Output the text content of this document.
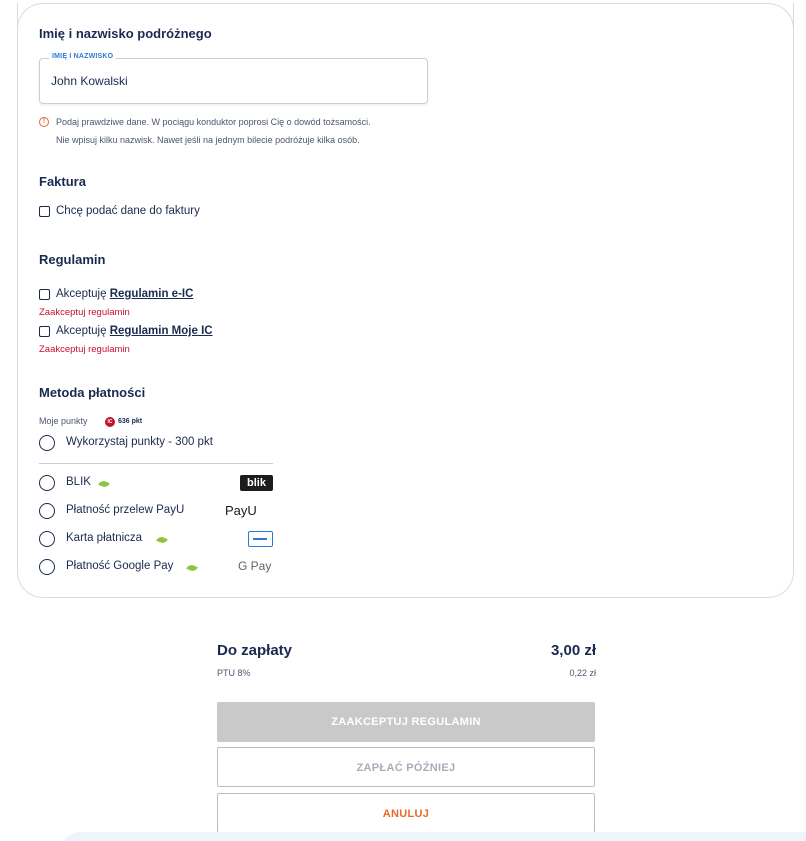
Imię i nazwisko podróżnego
IMIĘ I NAZWISKO
John Kowalski
!	Podaj prawdziwe dane. W pociągu konduktor poprosi Cię o dowód tożsamości.
Nie wpisuj kilku nazwisk. Nawet jeśli na jednym bilecie podróżuje kilka osób.
Faktura
Chcę podać dane do faktury
Regulamin
Akceptuję Regulamin e-IC
Zaakceptuj regulamin
Akceptuję Regulamin Moje IC
Zaakceptuj regulamin
Metoda płatności
Moje punkty	IC 636 pkt
Wykorzystaj punkty - 300 pkt
BLIK	blik
Płatność przelew PayU	PayU
Karta płatnicza
Płatność Google Pay	G Pay
Do zapłaty	3,00 zł
PTU 8%	0,22 zł
ZAAKCEPTUJ REGULAMIN
ZAPŁAĆ PÓŹNIEJ
ANULUJ
